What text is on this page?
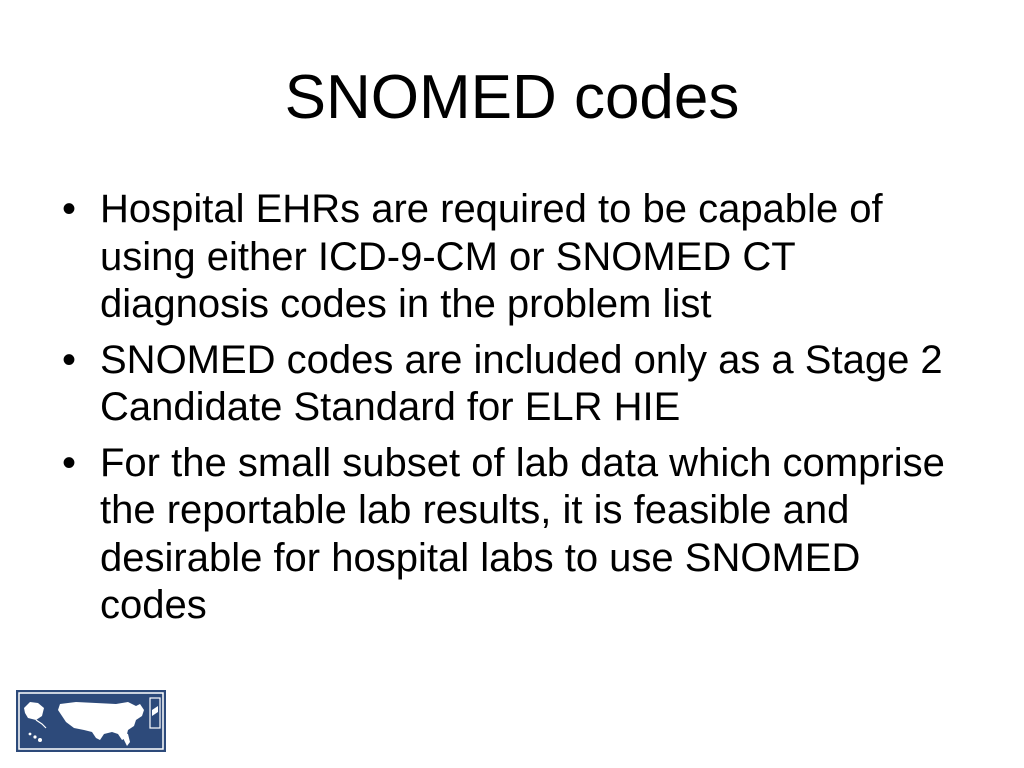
SNOMED codes
• Hospital EHRs are required to be capable of using either ICD-9-CM or SNOMED CT diagnosis codes in the problem list
• SNOMED codes are included only as a Stage 2 Candidate Standard for ELR HIE
• For the small subset of lab data which comprise the reportable lab results, it is feasible and desirable for hospital labs to use SNOMED codes
